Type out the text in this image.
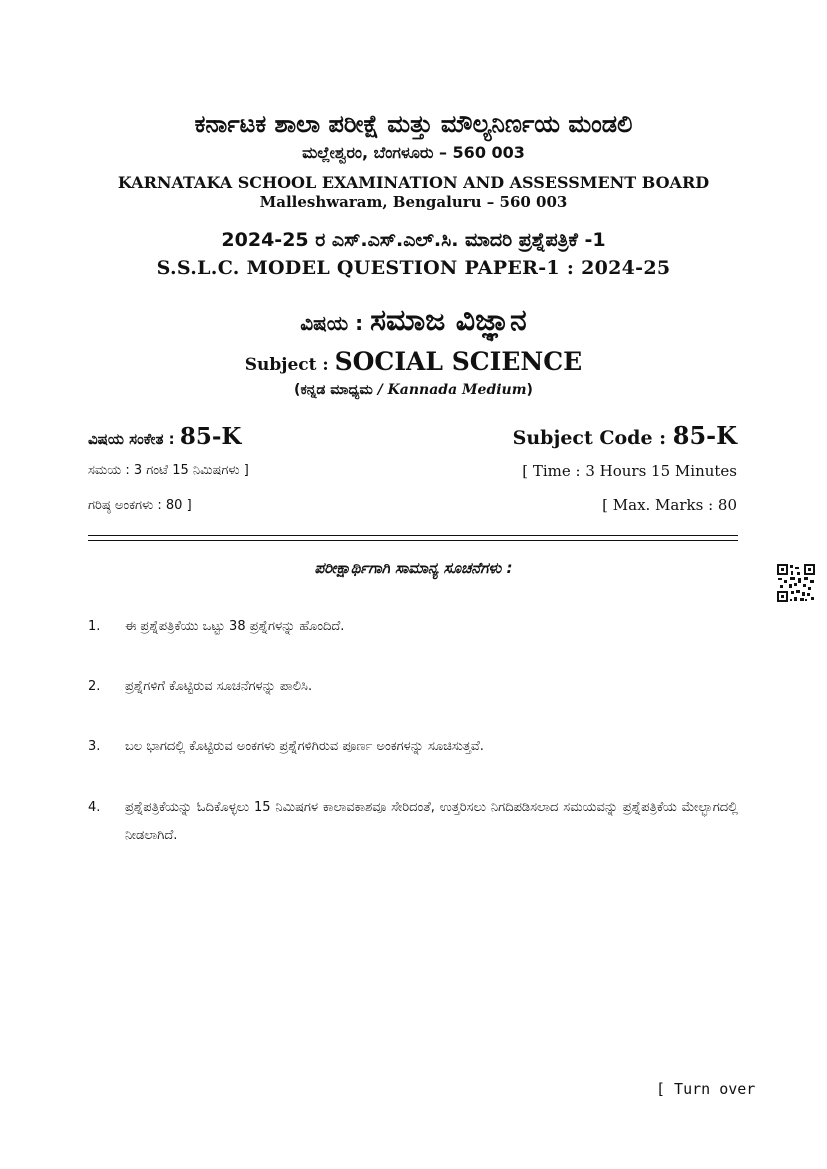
ಕರ್ನಾಟಕ ಶಾಲಾ ಪರೀಕ್ಷೆ ಮತ್ತು ಮೌಲ್ಯನಿರ್ಣಯ ಮಂಡಲಿ
ಮಲ್ಲೇಶ್ವರಂ, ಬೆಂಗಳೂರು – 560 003
KARNATAKA SCHOOL EXAMINATION AND ASSESSMENT BOARD
Malleshwaram, Bengaluru – 560 003
2024-25 ರ ಎಸ್.ಎಸ್.ಎಲ್.ಸಿ. ಮಾದರಿ ಪ್ರಶ್ನೆಪತ್ರಿಕೆ -1
S.S.L.C. MODEL QUESTION PAPER-1 : 2024-25
ವಿಷಯ : ಸಮಾಜ ವಿಜ್ಞಾನ
Subject : SOCIAL SCIENCE
(ಕನ್ನಡ ಮಾಧ್ಯಮ / Kannada Medium)
ವಿಷಯ ಸಂಕೇತ : 85-K	Subject Code : 85-K
ಸಮಯ : 3 ಗಂಟೆ 15 ನಿಮಿಷಗಳು ]	[ Time : 3 Hours 15 Minutes
ಗರಿಷ್ಠ ಅಂಕಗಳು : 80 ]	[ Max. Marks : 80
ಪರೀಕ್ಷಾರ್ಥಿಗಾಗಿ ಸಾಮಾನ್ಯ ಸೂಚನೆಗಳು :
1.	ಈ ಪ್ರಶ್ನೆಪತ್ರಿಕೆಯು ಒಟ್ಟು 38 ಪ್ರಶ್ನೆಗಳನ್ನು ಹೊಂದಿದೆ.
2.	ಪ್ರಶ್ನೆಗಳಿಗೆ ಕೊಟ್ಟಿರುವ ಸೂಚನೆಗಳನ್ನು ಪಾಲಿಸಿ.
3.	ಬಲ ಭಾಗದಲ್ಲಿ ಕೊಟ್ಟಿರುವ ಅಂಕಗಳು ಪ್ರಶ್ನೆಗಳಿಗಿರುವ ಪೂರ್ಣ ಅಂಕಗಳನ್ನು ಸೂಚಿಸುತ್ತವೆ.
4.	ಪ್ರಶ್ನೆಪತ್ರಿಕೆಯನ್ನು ಓದಿಕೊಳ್ಳಲು 15 ನಿಮಿಷಗಳ ಕಾಲಾವಕಾಶವೂ ಸೇರಿದಂತೆ, ಉತ್ತರಿಸಲು ನಿಗದಿಪಡಿಸಲಾದ ಸಮಯವನ್ನು ಪ್ರಶ್ನೆಪತ್ರಿಕೆಯ ಮೇಲ್ಭಾಗದಲ್ಲಿ ನೀಡಲಾಗಿದೆ.
[ Turn over
